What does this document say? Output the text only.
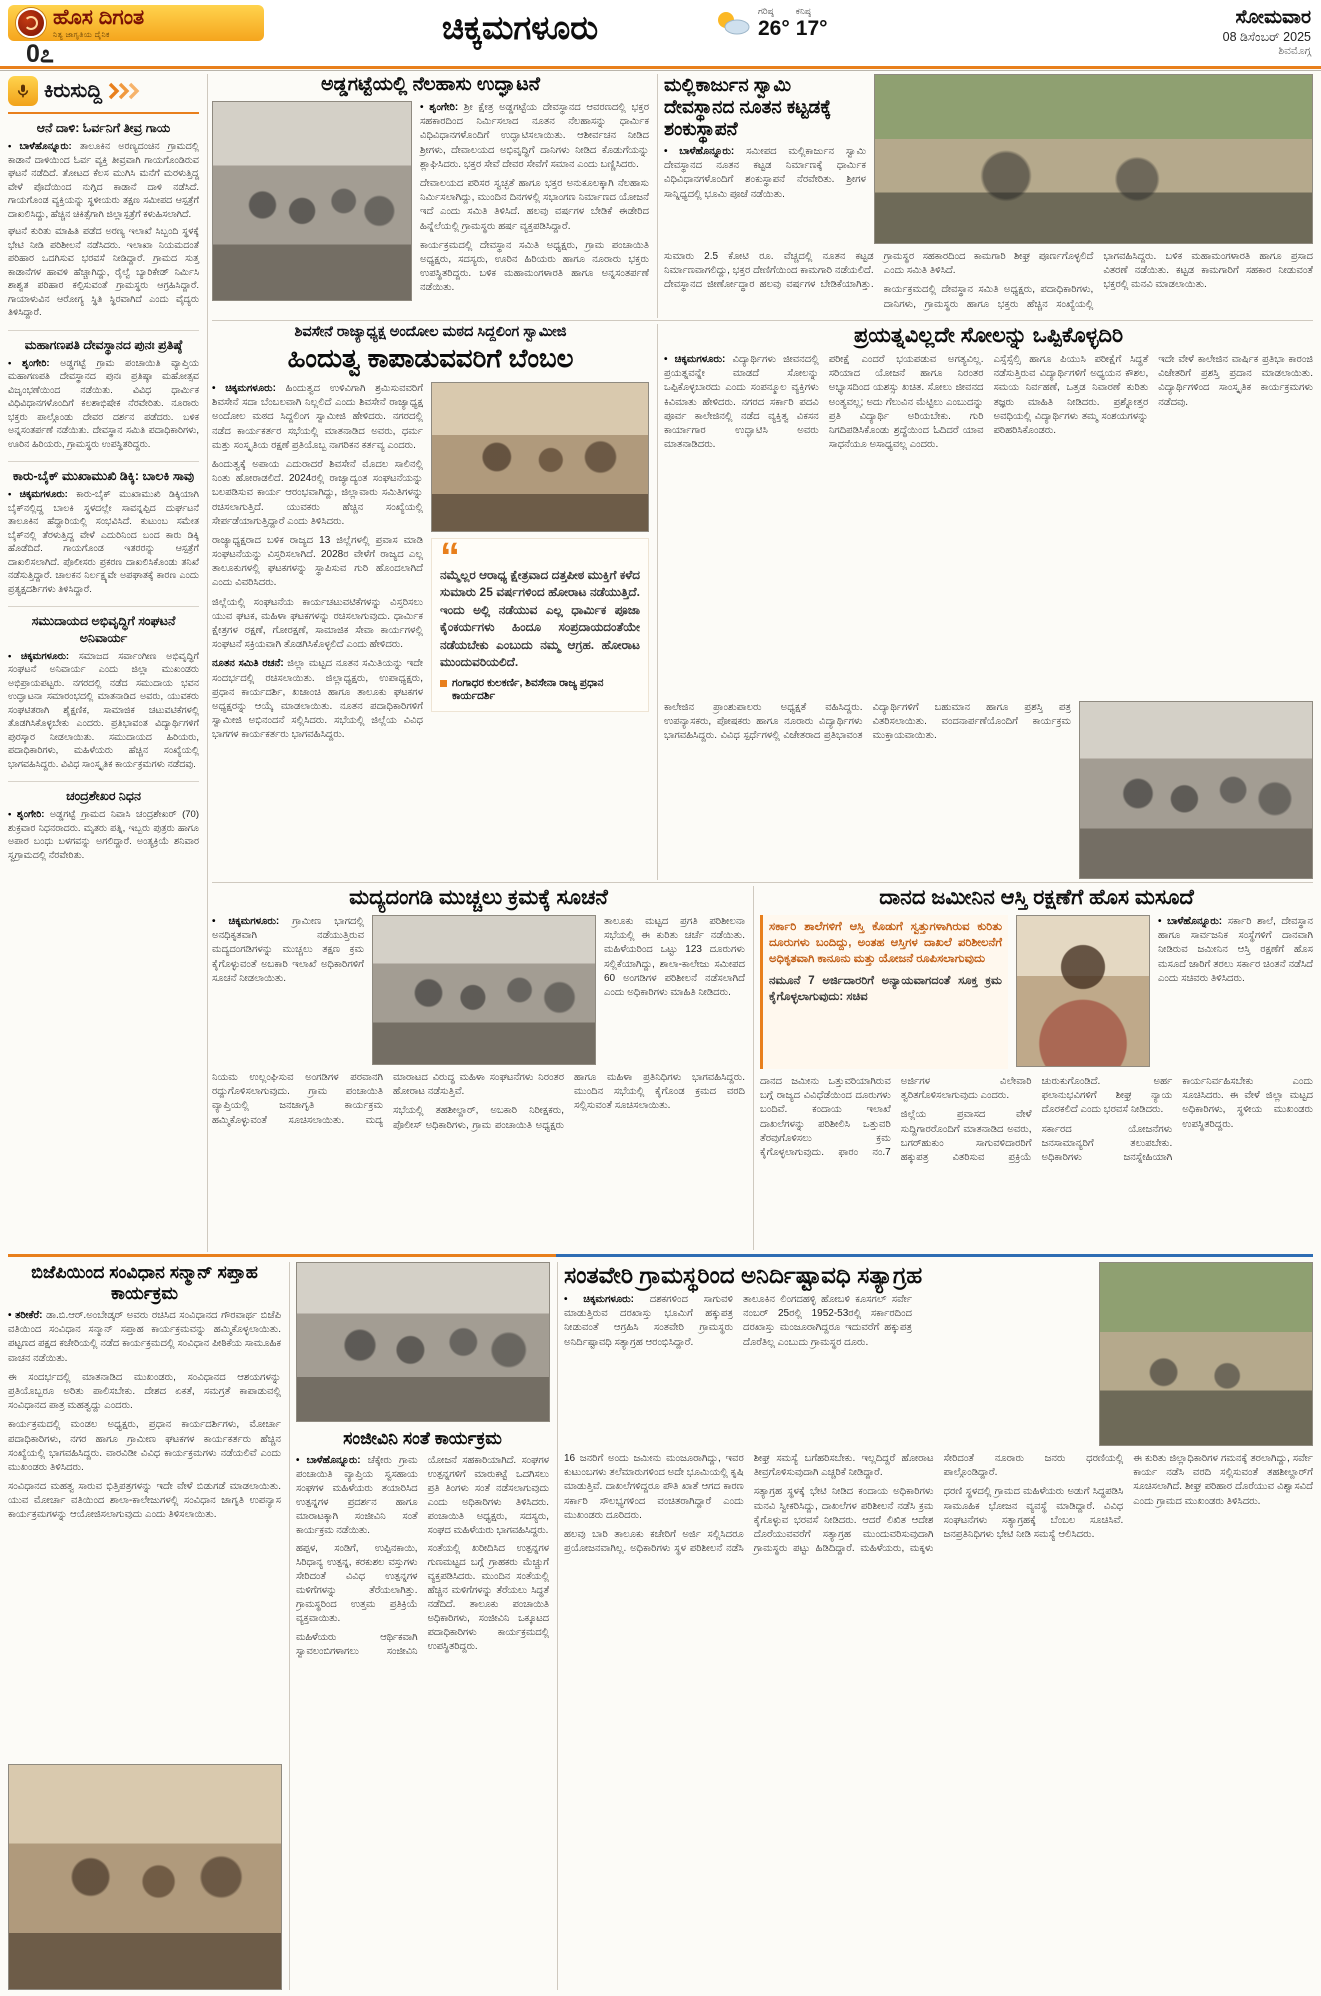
ಹೊಸ ದಿಗಂತ
ನಿತ್ಯ ಜಾಗೃತಿಯ ದೈನಿಕ
0೭
ಚಿಕ್ಕಮಗಳೂರು	ಗರಿಷ್ಠ
26°
ಕನಿಷ್ಠ
17°	ಸೋಮವಾರ
08 ಡಿಸೆಂಬರ್ 2025
ಶಿವಮೊಗ್ಗ
ಕಿರುಸುದ್ದಿ
ಆನೆ ದಾಳಿ: ಓರ್ವನಿಗೆ ತೀವ್ರ ಗಾಯ

• ಬಾಳೆಹೊನ್ನೂರು: ತಾಲೂಕಿನ ಅರಣ್ಯದಂಚಿನ ಗ್ರಾಮದಲ್ಲಿ ಕಾಡಾನೆ ದಾಳಿಯಿಂದ ಓರ್ವ ವ್ಯಕ್ತಿ ತೀವ್ರವಾಗಿ ಗಾಯಗೊಂಡಿರುವ ಘಟನೆ ನಡೆದಿದೆ. ತೋಟದ ಕೆಲಸ ಮುಗಿಸಿ ಮನೆಗೆ ಮರಳುತ್ತಿದ್ದ ವೇಳೆ ಪೊದೆಯಿಂದ ನುಗ್ಗಿದ ಕಾಡಾನೆ ದಾಳಿ ನಡೆಸಿದೆ. ಗಾಯಗೊಂಡ ವ್ಯಕ್ತಿಯನ್ನು ಸ್ಥಳೀಯರು ತಕ್ಷಣ ಸಮೀಪದ ಆಸ್ಪತ್ರೆಗೆ ದಾಖಲಿಸಿದ್ದು, ಹೆಚ್ಚಿನ ಚಿಕಿತ್ಸೆಗಾಗಿ ಜಿಲ್ಲಾಸ್ಪತ್ರೆಗೆ ಕಳುಹಿಸಲಾಗಿದೆ.

ಘಟನೆ ಕುರಿತು ಮಾಹಿತಿ ಪಡೆದ ಅರಣ್ಯ ಇಲಾಖೆ ಸಿಬ್ಬಂದಿ ಸ್ಥಳಕ್ಕೆ ಭೇಟಿ ನೀಡಿ ಪರಿಶೀಲನೆ ನಡೆಸಿದರು. ಇಲಾಖಾ ನಿಯಮದಂತೆ ಪರಿಹಾರ ಒದಗಿಸುವ ಭರವಸೆ ನೀಡಿದ್ದಾರೆ. ಗ್ರಾಮದ ಸುತ್ತ ಕಾಡಾನೆಗಳ ಹಾವಳಿ ಹೆಚ್ಚಾಗಿದ್ದು, ರೈಲ್ವೆ ಬ್ಯಾರಿಕೇಡ್ ನಿರ್ಮಿಸಿ ಶಾಶ್ವತ ಪರಿಹಾರ ಕಲ್ಪಿಸುವಂತೆ ಗ್ರಾಮಸ್ಥರು ಆಗ್ರಹಿಸಿದ್ದಾರೆ. ಗಾಯಾಳುವಿನ ಆರೋಗ್ಯ ಸ್ಥಿತಿ ಸ್ಥಿರವಾಗಿದೆ ಎಂದು ವೈದ್ಯರು ತಿಳಿಸಿದ್ದಾರೆ.

ಮಹಾಗಣಪತಿ ದೇವಸ್ಥಾನದ ಪುನಃ ಪ್ರತಿಷ್ಠೆ

• ಶೃಂಗೇರಿ: ಅಡ್ಡಗಟ್ಟೆ ಗ್ರಾಮ ಪಂಚಾಯಿತಿ ವ್ಯಾಪ್ತಿಯ ಮಹಾಗಣಪತಿ ದೇವಸ್ಥಾನದ ಪುನಃ ಪ್ರತಿಷ್ಠಾ ಮಹೋತ್ಸವ ವಿಜೃಂಭಣೆಯಿಂದ ನಡೆಯಿತು. ವಿವಿಧ ಧಾರ್ಮಿಕ ವಿಧಿವಿಧಾನಗಳೊಂದಿಗೆ ಕಲಶಾಭಿಷೇಕ ನೆರವೇರಿತು. ನೂರಾರು ಭಕ್ತರು ಪಾಲ್ಗೊಂಡು ದೇವರ ದರ್ಶನ ಪಡೆದರು. ಬಳಿಕ ಅನ್ನಸಂತರ್ಪಣೆ ನಡೆಯಿತು. ದೇವಸ್ಥಾನ ಸಮಿತಿ ಪದಾಧಿಕಾರಿಗಳು, ಊರಿನ ಹಿರಿಯರು, ಗ್ರಾಮಸ್ಥರು ಉಪಸ್ಥಿತರಿದ್ದರು.

ಕಾರು-ಬೈಕ್ ಮುಖಾಮುಖಿ ಡಿಕ್ಕಿ: ಬಾಲಕಿ ಸಾವು

• ಚಿಕ್ಕಮಗಳೂರು: ಕಾರು-ಬೈಕ್ ಮುಖಾಮುಖಿ ಡಿಕ್ಕಿಯಾಗಿ ಬೈಕ್‌ನಲ್ಲಿದ್ದ ಬಾಲಕಿ ಸ್ಥಳದಲ್ಲೇ ಸಾವನ್ನಪ್ಪಿದ ದುರ್ಘಟನೆ ತಾಲೂಕಿನ ಹೆದ್ದಾರಿಯಲ್ಲಿ ಸಂಭವಿಸಿದೆ. ಕುಟುಂಬ ಸಮೇತ ಬೈಕ್‌ನಲ್ಲಿ ತೆರಳುತ್ತಿದ್ದ ವೇಳೆ ಎದುರಿನಿಂದ ಬಂದ ಕಾರು ಡಿಕ್ಕಿ ಹೊಡೆದಿದೆ. ಗಾಯಗೊಂಡ ಇತರರನ್ನು ಆಸ್ಪತ್ರೆಗೆ ದಾಖಲಿಸಲಾಗಿದೆ. ಪೊಲೀಸರು ಪ್ರಕರಣ ದಾಖಲಿಸಿಕೊಂಡು ತನಿಖೆ ನಡೆಸುತ್ತಿದ್ದಾರೆ. ಚಾಲಕನ ನಿರ್ಲಕ್ಷ್ಯವೇ ಅಪಘಾತಕ್ಕೆ ಕಾರಣ ಎಂದು ಪ್ರತ್ಯಕ್ಷದರ್ಶಿಗಳು ತಿಳಿಸಿದ್ದಾರೆ.

ಸಮುದಾಯದ ಅಭಿವೃದ್ಧಿಗೆ ಸಂಘಟನೆ ಅನಿವಾರ್ಯ

• ಚಿಕ್ಕಮಗಳೂರು: ಸಮಾಜದ ಸರ್ವಾಂಗೀಣ ಅಭಿವೃದ್ಧಿಗೆ ಸಂಘಟನೆ ಅನಿವಾರ್ಯ ಎಂದು ಜಿಲ್ಲಾ ಮುಖಂಡರು ಅಭಿಪ್ರಾಯಪಟ್ಟರು. ನಗರದಲ್ಲಿ ನಡೆದ ಸಮುದಾಯ ಭವನ ಉದ್ಘಾಟನಾ ಸಮಾರಂಭದಲ್ಲಿ ಮಾತನಾಡಿದ ಅವರು, ಯುವಕರು ಸಂಘಟಿತರಾಗಿ ಶೈಕ್ಷಣಿಕ, ಸಾಮಾಜಿಕ ಚಟುವಟಿಕೆಗಳಲ್ಲಿ ತೊಡಗಿಸಿಕೊಳ್ಳಬೇಕು ಎಂದರು. ಪ್ರತಿಭಾವಂತ ವಿದ್ಯಾರ್ಥಿಗಳಿಗೆ ಪುರಸ್ಕಾರ ನೀಡಲಾಯಿತು. ಸಮುದಾಯದ ಹಿರಿಯರು, ಪದಾಧಿಕಾರಿಗಳು, ಮಹಿಳೆಯರು ಹೆಚ್ಚಿನ ಸಂಖ್ಯೆಯಲ್ಲಿ ಭಾಗವಹಿಸಿದ್ದರು. ವಿವಿಧ ಸಾಂಸ್ಕೃತಿಕ ಕಾರ್ಯಕ್ರಮಗಳು ನಡೆದವು.

ಚಂದ್ರಶೇಖರ ನಿಧನ

• ಶೃಂಗೇರಿ: ಅಡ್ಡಗಟ್ಟೆ ಗ್ರಾಮದ ನಿವಾಸಿ ಚಂದ್ರಶೇಖರ್ (70) ಶುಕ್ರವಾರ ನಿಧನರಾದರು. ಮೃತರು ಪತ್ನಿ, ಇಬ್ಬರು ಪುತ್ರರು ಹಾಗೂ ಅಪಾರ ಬಂಧು ಬಳಗವನ್ನು ಅಗಲಿದ್ದಾರೆ. ಅಂತ್ಯಕ್ರಿಯೆ ಶನಿವಾರ ಸ್ವಗ್ರಾಮದಲ್ಲಿ ನೆರವೇರಿತು.

ಅಡ್ಡಗಟ್ಟೆಯಲ್ಲಿ ನೆಲಹಾಸು ಉದ್ಘಾಟನೆ

• ಶೃಂಗೇರಿ: ಶ್ರೀ ಕ್ಷೇತ್ರ ಅಡ್ಡಗಟ್ಟೆಯ ದೇವಸ್ಥಾನದ ಆವರಣದಲ್ಲಿ ಭಕ್ತರ ಸಹಕಾರದಿಂದ ನಿರ್ಮಿಸಲಾದ ನೂತನ ನೆಲಹಾಸನ್ನು ಧಾರ್ಮಿಕ ವಿಧಿವಿಧಾನಗಳೊಂದಿಗೆ ಉದ್ಘಾಟಿಸಲಾಯಿತು. ಆಶೀರ್ವಚನ ನೀಡಿದ ಶ್ರೀಗಳು, ದೇವಾಲಯದ ಅಭಿವೃದ್ಧಿಗೆ ದಾನಿಗಳು ನೀಡಿದ ಕೊಡುಗೆಯನ್ನು ಶ್ಲಾಘಿಸಿದರು. ಭಕ್ತರ ಸೇವೆ ದೇವರ ಸೇವೆಗೆ ಸಮಾನ ಎಂದು ಬಣ್ಣಿಸಿದರು.

ದೇವಾಲಯದ ಪರಿಸರ ಸ್ವಚ್ಛತೆ ಹಾಗೂ ಭಕ್ತರ ಅನುಕೂಲಕ್ಕಾಗಿ ನೆಲಹಾಸು ನಿರ್ಮಿಸಲಾಗಿದ್ದು, ಮುಂದಿನ ದಿನಗಳಲ್ಲಿ ಸಭಾಂಗಣ ನಿರ್ಮಾಣದ ಯೋಜನೆ ಇದೆ ಎಂದು ಸಮಿತಿ ತಿಳಿಸಿದೆ. ಹಲವು ವರ್ಷಗಳ ಬೇಡಿಕೆ ಈಡೇರಿದ ಹಿನ್ನೆಲೆಯಲ್ಲಿ ಗ್ರಾಮಸ್ಥರು ಹರ್ಷ ವ್ಯಕ್ತಪಡಿಸಿದ್ದಾರೆ.

ಕಾರ್ಯಕ್ರಮದಲ್ಲಿ ದೇವಸ್ಥಾನ ಸಮಿತಿ ಅಧ್ಯಕ್ಷರು, ಗ್ರಾಮ ಪಂಚಾಯಿತಿ ಅಧ್ಯಕ್ಷರು, ಸದಸ್ಯರು, ಊರಿನ ಹಿರಿಯರು ಹಾಗೂ ನೂರಾರು ಭಕ್ತರು ಉಪಸ್ಥಿತರಿದ್ದರು. ಬಳಿಕ ಮಹಾಮಂಗಳಾರತಿ ಹಾಗೂ ಅನ್ನಸಂತರ್ಪಣೆ ನಡೆಯಿತು.

ಮಲ್ಲಿಕಾರ್ಜುನ ಸ್ವಾಮಿ ದೇವಸ್ಥಾನದ ನೂತನ ಕಟ್ಟಡಕ್ಕೆ ಶಂಕುಸ್ಥಾಪನೆ

• ಬಾಳೆಹೊನ್ನೂರು: ಸಮೀಪದ ಮಲ್ಲಿಕಾರ್ಜುನ ಸ್ವಾಮಿ ದೇವಸ್ಥಾನದ ನೂತನ ಕಟ್ಟಡ ನಿರ್ಮಾಣಕ್ಕೆ ಧಾರ್ಮಿಕ ವಿಧಿವಿಧಾನಗಳೊಂದಿಗೆ ಶಂಕುಸ್ಥಾಪನೆ ನೆರವೇರಿತು. ಶ್ರೀಗಳ ಸಾನ್ನಿಧ್ಯದಲ್ಲಿ ಭೂಮಿ ಪೂಜೆ ನಡೆಯಿತು.

ಸುಮಾರು 2.5 ಕೋಟಿ ರೂ. ವೆಚ್ಚದಲ್ಲಿ ನೂತನ ಕಟ್ಟಡ ನಿರ್ಮಾಣವಾಗಲಿದ್ದು, ಭಕ್ತರ ದೇಣಿಗೆಯಿಂದ ಕಾಮಗಾರಿ ನಡೆಯಲಿದೆ. ದೇವಸ್ಥಾನದ ಜೀರ್ಣೋದ್ಧಾರ ಹಲವು ವರ್ಷಗಳ ಬೇಡಿಕೆಯಾಗಿತ್ತು. ಗ್ರಾಮಸ್ಥರ ಸಹಕಾರದಿಂದ ಕಾಮಗಾರಿ ಶೀಘ್ರ ಪೂರ್ಣಗೊಳ್ಳಲಿದೆ ಎಂದು ಸಮಿತಿ ತಿಳಿಸಿದೆ.

ಕಾರ್ಯಕ್ರಮದಲ್ಲಿ ದೇವಸ್ಥಾನ ಸಮಿತಿ ಅಧ್ಯಕ್ಷರು, ಪದಾಧಿಕಾರಿಗಳು, ದಾನಿಗಳು, ಗ್ರಾಮಸ್ಥರು ಹಾಗೂ ಭಕ್ತರು ಹೆಚ್ಚಿನ ಸಂಖ್ಯೆಯಲ್ಲಿ ಭಾಗವಹಿಸಿದ್ದರು. ಬಳಿಕ ಮಹಾಮಂಗಳಾರತಿ ಹಾಗೂ ಪ್ರಸಾದ ವಿತರಣೆ ನಡೆಯಿತು. ಕಟ್ಟಡ ಕಾಮಗಾರಿಗೆ ಸಹಕಾರ ನೀಡುವಂತೆ ಭಕ್ತರಲ್ಲಿ ಮನವಿ ಮಾಡಲಾಯಿತು.

ಶಿವಸೇನೆ ರಾಜ್ಯಾಧ್ಯಕ್ಷ ಅಂದೋಲ ಮಠದ ಸಿದ್ದಲಿಂಗ ಸ್ವಾಮೀಜಿ

ಹಿಂದುತ್ವ ಕಾಪಾಡುವವರಿಗೆ ಬೆಂಬಲ
“

ನಮ್ಮೆಲ್ಲರ ಆರಾಧ್ಯ ಕ್ಷೇತ್ರವಾದ ದತ್ತಪೀಠ ಮುಕ್ತಿಗೆ ಕಳೆದ ಸುಮಾರು 25 ವರ್ಷಗಳಿಂದ ಹೋರಾಟ ನಡೆಯುತ್ತಿದೆ. ಇಂದು ಅಲ್ಲಿ ನಡೆಯುವ ಎಲ್ಲ ಧಾರ್ಮಿಕ ಪೂಜಾ ಕೈಂಕರ್ಯಗಳು ಹಿಂದೂ ಸಂಪ್ರದಾಯದಂತೆಯೇ ನಡೆಯಬೇಕು ಎಂಬುದು ನಮ್ಮ ಆಗ್ರಹ. ಹೋರಾಟ ಮುಂದುವರಿಯಲಿದೆ.

ಗಂಗಾಧರ ಕುಲಕರ್ಣಿ, ಶಿವಸೇನಾ ರಾಜ್ಯ ಪ್ರಧಾನ ಕಾರ್ಯದರ್ಶಿ

• ಚಿಕ್ಕಮಗಳೂರು: ಹಿಂದುತ್ವದ ಉಳಿವಿಗಾಗಿ ಶ್ರಮಿಸುವವರಿಗೆ ಶಿವಸೇನೆ ಸದಾ ಬೆಂಬಲವಾಗಿ ನಿಲ್ಲಲಿದೆ ಎಂದು ಶಿವಸೇನೆ ರಾಜ್ಯಾಧ್ಯಕ್ಷ ಅಂದೋಲ ಮಠದ ಸಿದ್ದಲಿಂಗ ಸ್ವಾಮೀಜಿ ಹೇಳಿದರು. ನಗರದಲ್ಲಿ ನಡೆದ ಕಾರ್ಯಕರ್ತರ ಸಭೆಯಲ್ಲಿ ಮಾತನಾಡಿದ ಅವರು, ಧರ್ಮ ಮತ್ತು ಸಂಸ್ಕೃತಿಯ ರಕ್ಷಣೆ ಪ್ರತಿಯೊಬ್ಬ ನಾಗರಿಕನ ಕರ್ತವ್ಯ ಎಂದರು.

ಹಿಂದುತ್ವಕ್ಕೆ ಅಪಾಯ ಎದುರಾದರೆ ಶಿವಸೇನೆ ಮೊದಲ ಸಾಲಿನಲ್ಲಿ ನಿಂತು ಹೋರಾಡಲಿದೆ. 2024ರಲ್ಲಿ ರಾಜ್ಯಾದ್ಯಂತ ಸಂಘಟನೆಯನ್ನು ಬಲಪಡಿಸುವ ಕಾರ್ಯ ಆರಂಭವಾಗಿದ್ದು, ಜಿಲ್ಲಾವಾರು ಸಮಿತಿಗಳನ್ನು ರಚಿಸಲಾಗುತ್ತಿದೆ. ಯುವಕರು ಹೆಚ್ಚಿನ ಸಂಖ್ಯೆಯಲ್ಲಿ ಸೇರ್ಪಡೆಯಾಗುತ್ತಿದ್ದಾರೆ ಎಂದು ತಿಳಿಸಿದರು.

ರಾಜ್ಯಾಧ್ಯಕ್ಷರಾದ ಬಳಿಕ ರಾಜ್ಯದ 13 ಜಿಲ್ಲೆಗಳಲ್ಲಿ ಪ್ರವಾಸ ಮಾಡಿ ಸಂಘಟನೆಯನ್ನು ವಿಸ್ತರಿಸಲಾಗಿದೆ. 2028ರ ವೇಳೆಗೆ ರಾಜ್ಯದ ಎಲ್ಲ ತಾಲೂಕುಗಳಲ್ಲಿ ಘಟಕಗಳನ್ನು ಸ್ಥಾಪಿಸುವ ಗುರಿ ಹೊಂದಲಾಗಿದೆ ಎಂದು ವಿವರಿಸಿದರು.

ಜಿಲ್ಲೆಯಲ್ಲಿ ಸಂಘಟನೆಯ ಕಾರ್ಯಚಟುವಟಿಕೆಗಳನ್ನು ವಿಸ್ತರಿಸಲು ಯುವ ಘಟಕ, ಮಹಿಳಾ ಘಟಕಗಳನ್ನು ರಚಿಸಲಾಗುವುದು. ಧಾರ್ಮಿಕ ಕ್ಷೇತ್ರಗಳ ರಕ್ಷಣೆ, ಗೋರಕ್ಷಣೆ, ಸಾಮಾಜಿಕ ಸೇವಾ ಕಾರ್ಯಗಳಲ್ಲಿ ಸಂಘಟನೆ ಸಕ್ರಿಯವಾಗಿ ತೊಡಗಿಸಿಕೊಳ್ಳಲಿದೆ ಎಂದು ಹೇಳಿದರು.

ನೂತನ ಸಮಿತಿ ರಚನೆ: ಜಿಲ್ಲಾ ಮಟ್ಟದ ನೂತನ ಸಮಿತಿಯನ್ನು ಇದೇ ಸಂದರ್ಭದಲ್ಲಿ ರಚಿಸಲಾಯಿತು. ಜಿಲ್ಲಾಧ್ಯಕ್ಷರು, ಉಪಾಧ್ಯಕ್ಷರು, ಪ್ರಧಾನ ಕಾರ್ಯದರ್ಶಿ, ಖಜಾಂಚಿ ಹಾಗೂ ತಾಲೂಕು ಘಟಕಗಳ ಅಧ್ಯಕ್ಷರನ್ನು ಆಯ್ಕೆ ಮಾಡಲಾಯಿತು. ನೂತನ ಪದಾಧಿಕಾರಿಗಳಿಗೆ ಸ್ವಾಮೀಜಿ ಅಭಿನಂದನೆ ಸಲ್ಲಿಸಿದರು. ಸಭೆಯಲ್ಲಿ ಜಿಲ್ಲೆಯ ವಿವಿಧ ಭಾಗಗಳ ಕಾರ್ಯಕರ್ತರು ಭಾಗವಹಿಸಿದ್ದರು.

ಪ್ರಯತ್ನವಿಲ್ಲದೇ ಸೋಲನ್ನು ಒಪ್ಪಿಕೊಳ್ಳದಿರಿ

• ಚಿಕ್ಕಮಗಳೂರು: ವಿದ್ಯಾರ್ಥಿಗಳು ಜೀವನದಲ್ಲಿ ಪ್ರಯತ್ನವನ್ನೇ ಮಾಡದೆ ಸೋಲನ್ನು ಒಪ್ಪಿಕೊಳ್ಳಬಾರದು ಎಂದು ಸಂಪನ್ಮೂಲ ವ್ಯಕ್ತಿಗಳು ಕಿವಿಮಾತು ಹೇಳಿದರು. ನಗರದ ಸರ್ಕಾರಿ ಪದವಿ ಪೂರ್ವ ಕಾಲೇಜಿನಲ್ಲಿ ನಡೆದ ವ್ಯಕ್ತಿತ್ವ ವಿಕಸನ ಕಾರ್ಯಾಗಾರ ಉದ್ಘಾಟಿಸಿ ಅವರು ಮಾತನಾಡಿದರು.

ಪರೀಕ್ಷೆ ಎಂದರೆ ಭಯಪಡುವ ಅಗತ್ಯವಿಲ್ಲ. ಸರಿಯಾದ ಯೋಜನೆ ಹಾಗೂ ನಿರಂತರ ಅಭ್ಯಾಸದಿಂದ ಯಶಸ್ಸು ಖಚಿತ. ಸೋಲು ಜೀವನದ ಅಂತ್ಯವಲ್ಲ; ಅದು ಗೆಲುವಿನ ಮೆಟ್ಟಿಲು ಎಂಬುದನ್ನು ಪ್ರತಿ ವಿದ್ಯಾರ್ಥಿ ಅರಿಯಬೇಕು. ಗುರಿ ನಿಗದಿಪಡಿಸಿಕೊಂಡು ಶ್ರದ್ಧೆಯಿಂದ ಓದಿದರೆ ಯಾವ ಸಾಧನೆಯೂ ಅಸಾಧ್ಯವಲ್ಲ ಎಂದರು.

ಎಸ್ಸೆಸ್ಸೆಲ್ಸಿ ಹಾಗೂ ಪಿಯುಸಿ ಪರೀಕ್ಷೆಗೆ ಸಿದ್ಧತೆ ನಡೆಸುತ್ತಿರುವ ವಿದ್ಯಾರ್ಥಿಗಳಿಗೆ ಅಧ್ಯಯನ ಕೌಶಲ, ಸಮಯ ನಿರ್ವಹಣೆ, ಒತ್ತಡ ನಿವಾರಣೆ ಕುರಿತು ತಜ್ಞರು ಮಾಹಿತಿ ನೀಡಿದರು. ಪ್ರಶ್ನೋತ್ತರ ಅವಧಿಯಲ್ಲಿ ವಿದ್ಯಾರ್ಥಿಗಳು ತಮ್ಮ ಸಂಶಯಗಳನ್ನು ಪರಿಹರಿಸಿಕೊಂಡರು.

ಇದೇ ವೇಳೆ ಕಾಲೇಜಿನ ವಾರ್ಷಿಕ ಪ್ರತಿಭಾ ಕಾರಂಜಿ ವಿಜೇತರಿಗೆ ಪ್ರಶಸ್ತಿ ಪ್ರದಾನ ಮಾಡಲಾಯಿತು. ವಿದ್ಯಾರ್ಥಿಗಳಿಂದ ಸಾಂಸ್ಕೃತಿಕ ಕಾರ್ಯಕ್ರಮಗಳು ನಡೆದವು.

ಕಾಲೇಜಿನ ಪ್ರಾಂಶುಪಾಲರು ಅಧ್ಯಕ್ಷತೆ ವಹಿಸಿದ್ದರು. ಉಪನ್ಯಾಸಕರು, ಪೋಷಕರು ಹಾಗೂ ನೂರಾರು ವಿದ್ಯಾರ್ಥಿಗಳು ಭಾಗವಹಿಸಿದ್ದರು. ವಿವಿಧ ಸ್ಪರ್ಧೆಗಳಲ್ಲಿ ವಿಜೇತರಾದ ಪ್ರತಿಭಾವಂತ ವಿದ್ಯಾರ್ಥಿಗಳಿಗೆ ಬಹುಮಾನ ಹಾಗೂ ಪ್ರಶಸ್ತಿ ಪತ್ರ ವಿತರಿಸಲಾಯಿತು. ವಂದನಾರ್ಪಣೆಯೊಂದಿಗೆ ಕಾರ್ಯಕ್ರಮ ಮುಕ್ತಾಯವಾಯಿತು.

ಮದ್ಯದಂಗಡಿ ಮುಚ್ಚಲು ಕ್ರಮಕ್ಕೆ ಸೂಚನೆ

• ಚಿಕ್ಕಮಗಳೂರು: ಗ್ರಾಮೀಣ ಭಾಗದಲ್ಲಿ ಅನಧಿಕೃತವಾಗಿ ನಡೆಯುತ್ತಿರುವ ಮದ್ಯದಂಗಡಿಗಳನ್ನು ಮುಚ್ಚಲು ತಕ್ಷಣ ಕ್ರಮ ಕೈಗೊಳ್ಳುವಂತೆ ಅಬಕಾರಿ ಇಲಾಖೆ ಅಧಿಕಾರಿಗಳಿಗೆ ಸೂಚನೆ ನೀಡಲಾಯಿತು.

ತಾಲೂಕು ಮಟ್ಟದ ಪ್ರಗತಿ ಪರಿಶೀಲನಾ ಸಭೆಯಲ್ಲಿ ಈ ಕುರಿತು ಚರ್ಚೆ ನಡೆಯಿತು. ಮಹಿಳೆಯರಿಂದ ಒಟ್ಟು 123 ದೂರುಗಳು ಸಲ್ಲಿಕೆಯಾಗಿದ್ದು, ಶಾಲಾ-ಕಾಲೇಜು ಸಮೀಪದ 60 ಅಂಗಡಿಗಳ ಪರಿಶೀಲನೆ ನಡೆಸಲಾಗಿದೆ ಎಂದು ಅಧಿಕಾರಿಗಳು ಮಾಹಿತಿ ನೀಡಿದರು.

ನಿಯಮ ಉಲ್ಲಂಘಿಸುವ ಅಂಗಡಿಗಳ ಪರವಾನಗಿ ರದ್ದುಗೊಳಿಸಲಾಗುವುದು. ಗ್ರಾಮ ಪಂಚಾಯಿತಿ ವ್ಯಾಪ್ತಿಯಲ್ಲಿ ಜನಜಾಗೃತಿ ಕಾರ್ಯಕ್ರಮ ಹಮ್ಮಿಕೊಳ್ಳುವಂತೆ ಸೂಚಿಸಲಾಯಿತು. ಮದ್ಯ ಮಾರಾಟದ ವಿರುದ್ಧ ಮಹಿಳಾ ಸಂಘಟನೆಗಳು ನಿರಂತರ ಹೋರಾಟ ನಡೆಸುತ್ತಿವೆ.

ಸಭೆಯಲ್ಲಿ ತಹಶೀಲ್ದಾರ್, ಅಬಕಾರಿ ನಿರೀಕ್ಷಕರು, ಪೊಲೀಸ್ ಅಧಿಕಾರಿಗಳು, ಗ್ರಾಮ ಪಂಚಾಯಿತಿ ಅಧ್ಯಕ್ಷರು ಹಾಗೂ ಮಹಿಳಾ ಪ್ರತಿನಿಧಿಗಳು ಭಾಗವಹಿಸಿದ್ದರು. ಮುಂದಿನ ಸಭೆಯಲ್ಲಿ ಕೈಗೊಂಡ ಕ್ರಮದ ವರದಿ ಸಲ್ಲಿಸುವಂತೆ ಸೂಚಿಸಲಾಯಿತು.

ದಾನದ ಜಮೀನಿನ ಆಸ್ತಿ ರಕ್ಷಣೆಗೆ ಹೊಸ ಮಸೂದೆ

ಸರ್ಕಾರಿ ಶಾಲೆಗಳಿಗೆ ಆಸ್ತಿ ಕೊಡುಗೆ ಸ್ವತ್ತುಗಳಾಗಿರುವ ಕುರಿತು ದೂರುಗಳು ಬಂದಿದ್ದು, ಅಂತಹ ಆಸ್ತಿಗಳ ದಾಖಲೆ ಪರಿಶೀಲನೆಗೆ ಅಧಿಕೃತವಾಗಿ ಕಾನೂನು ಮತ್ತು ಯೋಜನೆ ರೂಪಿಸಲಾಗುವುದು

ನಮೂನೆ 7 ಅರ್ಜಿದಾರರಿಗೆ ಅನ್ಯಾಯವಾಗದಂತೆ ಸೂಕ್ತ ಕ್ರಮ ಕೈಗೊಳ್ಳಲಾಗುವುದು: ಸಚಿವ

• ಬಾಳೆಹೊನ್ನೂರು: ಸರ್ಕಾರಿ ಶಾಲೆ, ದೇವಸ್ಥಾನ ಹಾಗೂ ಸಾರ್ವಜನಿಕ ಸಂಸ್ಥೆಗಳಿಗೆ ದಾನವಾಗಿ ನೀಡಿರುವ ಜಮೀನಿನ ಆಸ್ತಿ ರಕ್ಷಣೆಗೆ ಹೊಸ ಮಸೂದೆ ಜಾರಿಗೆ ತರಲು ಸರ್ಕಾರ ಚಿಂತನೆ ನಡೆಸಿದೆ ಎಂದು ಸಚಿವರು ತಿಳಿಸಿದರು.

ದಾನದ ಜಮೀನು ಒತ್ತುವರಿಯಾಗಿರುವ ಬಗ್ಗೆ ರಾಜ್ಯದ ವಿವಿಧೆಡೆಯಿಂದ ದೂರುಗಳು ಬಂದಿವೆ. ಕಂದಾಯ ಇಲಾಖೆ ದಾಖಲೆಗಳನ್ನು ಪರಿಶೀಲಿಸಿ ಒತ್ತುವರಿ ತೆರವುಗೊಳಿಸಲು ಕ್ರಮ ಕೈಗೊಳ್ಳಲಾಗುವುದು. ಫಾರಂ ನಂ.7 ಅರ್ಜಿಗಳ ವಿಲೇವಾರಿ ತ್ವರಿತಗೊಳಿಸಲಾಗುವುದು ಎಂದರು.

ಜಿಲ್ಲೆಯ ಪ್ರವಾಸದ ವೇಳೆ ಸುದ್ದಿಗಾರರೊಂದಿಗೆ ಮಾತನಾಡಿದ ಅವರು, ಬಗರ್‌ಹುಕುಂ ಸಾಗುವಳಿದಾರರಿಗೆ ಹಕ್ಕುಪತ್ರ ವಿತರಿಸುವ ಪ್ರಕ್ರಿಯೆ ಚುರುಕುಗೊಂಡಿದೆ. ಅರ್ಹ ಫಲಾನುಭವಿಗಳಿಗೆ ಶೀಘ್ರ ನ್ಯಾಯ ದೊರಕಲಿದೆ ಎಂದು ಭರವಸೆ ನೀಡಿದರು.

ಸರ್ಕಾರದ ಯೋಜನೆಗಳು ಜನಸಾಮಾನ್ಯರಿಗೆ ತಲುಪಬೇಕು. ಅಧಿಕಾರಿಗಳು ಜನಸ್ನೇಹಿಯಾಗಿ ಕಾರ್ಯನಿರ್ವಹಿಸಬೇಕು ಎಂದು ಸೂಚಿಸಿದರು. ಈ ವೇಳೆ ಜಿಲ್ಲಾ ಮಟ್ಟದ ಅಧಿಕಾರಿಗಳು, ಸ್ಥಳೀಯ ಮುಖಂಡರು ಉಪಸ್ಥಿತರಿದ್ದರು.

ಬಿಜೆಪಿಯಿಂದ ಸಂವಿಧಾನ ಸನ್ಮಾನ್ ಸಪ್ತಾಹ ಕಾರ್ಯಕ್ರಮ

• ತರೀಕೆರೆ: ಡಾ.ಬಿ.ಆರ್.ಅಂಬೇಡ್ಕರ್ ಅವರು ರಚಿಸಿದ ಸಂವಿಧಾನದ ಗೌರವಾರ್ಥ ಬಿಜೆಪಿ ವತಿಯಿಂದ ಸಂವಿಧಾನ ಸನ್ಮಾನ್ ಸಪ್ತಾಹ ಕಾರ್ಯಕ್ರಮವನ್ನು ಹಮ್ಮಿಕೊಳ್ಳಲಾಯಿತು. ಪಟ್ಟಣದ ಪಕ್ಷದ ಕಚೇರಿಯಲ್ಲಿ ನಡೆದ ಕಾರ್ಯಕ್ರಮದಲ್ಲಿ ಸಂವಿಧಾನ ಪೀಠಿಕೆಯ ಸಾಮೂಹಿಕ ವಾಚನ ನಡೆಯಿತು.

ಈ ಸಂದರ್ಭದಲ್ಲಿ ಮಾತನಾಡಿದ ಮುಖಂಡರು, ಸಂವಿಧಾನದ ಆಶಯಗಳನ್ನು ಪ್ರತಿಯೊಬ್ಬರೂ ಅರಿತು ಪಾಲಿಸಬೇಕು. ದೇಶದ ಏಕತೆ, ಸಮಗ್ರತೆ ಕಾಪಾಡುವಲ್ಲಿ ಸಂವಿಧಾನದ ಪಾತ್ರ ಮಹತ್ವದ್ದು ಎಂದರು.

ಕಾರ್ಯಕ್ರಮದಲ್ಲಿ ಮಂಡಲ ಅಧ್ಯಕ್ಷರು, ಪ್ರಧಾನ ಕಾರ್ಯದರ್ಶಿಗಳು, ಮೋರ್ಚಾ ಪದಾಧಿಕಾರಿಗಳು, ನಗರ ಹಾಗೂ ಗ್ರಾಮೀಣ ಘಟಕಗಳ ಕಾರ್ಯಕರ್ತರು ಹೆಚ್ಚಿನ ಸಂಖ್ಯೆಯಲ್ಲಿ ಭಾಗವಹಿಸಿದ್ದರು. ವಾರವಿಡೀ ವಿವಿಧ ಕಾರ್ಯಕ್ರಮಗಳು ನಡೆಯಲಿವೆ ಎಂದು ಮುಖಂಡರು ತಿಳಿಸಿದರು.

ಸಂವಿಧಾನದ ಮಹತ್ವ ಸಾರುವ ಭಿತ್ತಿಪತ್ರಗಳನ್ನು ಇದೇ ವೇಳೆ ಬಿಡುಗಡೆ ಮಾಡಲಾಯಿತು. ಯುವ ಮೋರ್ಚಾ ವತಿಯಿಂದ ಶಾಲಾ-ಕಾಲೇಜುಗಳಲ್ಲಿ ಸಂವಿಧಾನ ಜಾಗೃತಿ ಉಪನ್ಯಾಸ ಕಾರ್ಯಕ್ರಮಗಳನ್ನು ಆಯೋಜಿಸಲಾಗುವುದು ಎಂದು ತಿಳಿಸಲಾಯಿತು.

ಸಂಜೀವಿನಿ ಸಂತೆ ಕಾರ್ಯಕ್ರಮ

• ಬಾಳೆಹೊನ್ನೂರು: ಚೆಕ್ಕೇರು ಗ್ರಾಮ ಪಂಚಾಯಿತಿ ವ್ಯಾಪ್ತಿಯ ಸ್ವಸಹಾಯ ಸಂಘಗಳ ಮಹಿಳೆಯರು ತಯಾರಿಸಿದ ಉತ್ಪನ್ನಗಳ ಪ್ರದರ್ಶನ ಹಾಗೂ ಮಾರಾಟಕ್ಕಾಗಿ ಸಂಜೀವಿನಿ ಸಂತೆ ಕಾರ್ಯಕ್ರಮ ನಡೆಯಿತು.

ಹಪ್ಪಳ, ಸಂಡಿಗೆ, ಉಪ್ಪಿನಕಾಯಿ, ಸಿರಿಧಾನ್ಯ ಉತ್ಪನ್ನ, ಕರಕುಶಲ ವಸ್ತುಗಳು ಸೇರಿದಂತೆ ವಿವಿಧ ಉತ್ಪನ್ನಗಳ ಮಳಿಗೆಗಳನ್ನು ತೆರೆಯಲಾಗಿತ್ತು. ಗ್ರಾಮಸ್ಥರಿಂದ ಉತ್ತಮ ಪ್ರತಿಕ್ರಿಯೆ ವ್ಯಕ್ತವಾಯಿತು.

ಮಹಿಳೆಯರು ಆರ್ಥಿಕವಾಗಿ ಸ್ವಾವಲಂಬಿಗಳಾಗಲು ಸಂಜೀವಿನಿ ಯೋಜನೆ ಸಹಕಾರಿಯಾಗಿದೆ. ಸಂಘಗಳ ಉತ್ಪನ್ನಗಳಿಗೆ ಮಾರುಕಟ್ಟೆ ಒದಗಿಸಲು ಪ್ರತಿ ತಿಂಗಳು ಸಂತೆ ನಡೆಸಲಾಗುವುದು ಎಂದು ಅಧಿಕಾರಿಗಳು ತಿಳಿಸಿದರು. ಪಂಚಾಯಿತಿ ಅಧ್ಯಕ್ಷರು, ಸದಸ್ಯರು, ಸಂಘದ ಮಹಿಳೆಯರು ಭಾಗವಹಿಸಿದ್ದರು.

ಸಂತೆಯಲ್ಲಿ ಖರೀದಿಸಿದ ಉತ್ಪನ್ನಗಳ ಗುಣಮಟ್ಟದ ಬಗ್ಗೆ ಗ್ರಾಹಕರು ಮೆಚ್ಚುಗೆ ವ್ಯಕ್ತಪಡಿಸಿದರು. ಮುಂದಿನ ಸಂತೆಯಲ್ಲಿ ಹೆಚ್ಚಿನ ಮಳಿಗೆಗಳನ್ನು ತೆರೆಯಲು ಸಿದ್ಧತೆ ನಡೆದಿದೆ. ತಾಲೂಕು ಪಂಚಾಯಿತಿ ಅಧಿಕಾರಿಗಳು, ಸಂಜೀವಿನಿ ಒಕ್ಕೂಟದ ಪದಾಧಿಕಾರಿಗಳು ಕಾರ್ಯಕ್ರಮದಲ್ಲಿ ಉಪಸ್ಥಿತರಿದ್ದರು.

ಸಂತವೇರಿ ಗ್ರಾಮಸ್ಥರಿಂದ ಅನಿರ್ದಿಷ್ಟಾವಧಿ ಸತ್ಯಾಗ್ರಹ

• ಚಿಕ್ಕಮಗಳೂರು: ದಶಕಗಳಿಂದ ಸಾಗುವಳಿ ಮಾಡುತ್ತಿರುವ ದರಖಾಸ್ತು ಭೂಮಿಗೆ ಹಕ್ಕುಪತ್ರ ನೀಡುವಂತೆ ಆಗ್ರಹಿಸಿ ಸಂತವೇರಿ ಗ್ರಾಮಸ್ಥರು ಅನಿರ್ದಿಷ್ಟಾವಧಿ ಸತ್ಯಾಗ್ರಹ ಆರಂಭಿಸಿದ್ದಾರೆ.

ತಾಲೂಕಿನ ಲಿಂಗದಹಳ್ಳಿ ಹೋಬಳಿ ಕೂಸಗಲ್ ಸರ್ವೇ ನಂಬರ್ 25ರಲ್ಲಿ 1952-53ರಲ್ಲಿ ಸರ್ಕಾರದಿಂದ ದರಖಾಸ್ತು ಮಂಜೂರಾಗಿದ್ದರೂ ಇದುವರೆಗೆ ಹಕ್ಕುಪತ್ರ ದೊರೆತಿಲ್ಲ ಎಂಬುದು ಗ್ರಾಮಸ್ಥರ ದೂರು.

16 ಜನರಿಗೆ ಅಂದು ಜಮೀನು ಮಂಜೂರಾಗಿದ್ದು, ಇವರ ಕುಟುಂಬಗಳು ತಲೆಮಾರುಗಳಿಂದ ಅದೇ ಭೂಮಿಯಲ್ಲಿ ಕೃಷಿ ಮಾಡುತ್ತಿವೆ. ದಾಖಲೆಗಳಿದ್ದರೂ ಪೌತಿ ಖಾತೆ ಆಗದ ಕಾರಣ ಸರ್ಕಾರಿ ಸೌಲಭ್ಯಗಳಿಂದ ವಂಚಿತರಾಗಿದ್ದಾರೆ ಎಂದು ಮುಖಂಡರು ದೂರಿದರು.

ಹಲವು ಬಾರಿ ತಾಲೂಕು ಕಚೇರಿಗೆ ಅರ್ಜಿ ಸಲ್ಲಿಸಿದರೂ ಪ್ರಯೋಜನವಾಗಿಲ್ಲ. ಅಧಿಕಾರಿಗಳು ಸ್ಥಳ ಪರಿಶೀಲನೆ ನಡೆಸಿ ಶೀಘ್ರ ಸಮಸ್ಯೆ ಬಗೆಹರಿಸಬೇಕು. ಇಲ್ಲದಿದ್ದರೆ ಹೋರಾಟ ತೀವ್ರಗೊಳಿಸುವುದಾಗಿ ಎಚ್ಚರಿಕೆ ನೀಡಿದ್ದಾರೆ.

ಸತ್ಯಾಗ್ರಹ ಸ್ಥಳಕ್ಕೆ ಭೇಟಿ ನೀಡಿದ ಕಂದಾಯ ಅಧಿಕಾರಿಗಳು ಮನವಿ ಸ್ವೀಕರಿಸಿದ್ದು, ದಾಖಲೆಗಳ ಪರಿಶೀಲನೆ ನಡೆಸಿ ಕ್ರಮ ಕೈಗೊಳ್ಳುವ ಭರವಸೆ ನೀಡಿದರು. ಆದರೆ ಲಿಖಿತ ಆದೇಶ ದೊರೆಯುವವರೆಗೆ ಸತ್ಯಾಗ್ರಹ ಮುಂದುವರಿಸುವುದಾಗಿ ಗ್ರಾಮಸ್ಥರು ಪಟ್ಟು ಹಿಡಿದಿದ್ದಾರೆ. ಮಹಿಳೆಯರು, ಮಕ್ಕಳು ಸೇರಿದಂತೆ ನೂರಾರು ಜನರು ಧರಣಿಯಲ್ಲಿ ಪಾಲ್ಗೊಂಡಿದ್ದಾರೆ.

ಧರಣಿ ಸ್ಥಳದಲ್ಲಿ ಗ್ರಾಮದ ಮಹಿಳೆಯರು ಅಡುಗೆ ಸಿದ್ಧಪಡಿಸಿ ಸಾಮೂಹಿಕ ಭೋಜನ ವ್ಯವಸ್ಥೆ ಮಾಡಿದ್ದಾರೆ. ವಿವಿಧ ಸಂಘಟನೆಗಳು ಸತ್ಯಾಗ್ರಹಕ್ಕೆ ಬೆಂಬಲ ಸೂಚಿಸಿವೆ. ಜನಪ್ರತಿನಿಧಿಗಳು ಭೇಟಿ ನೀಡಿ ಸಮಸ್ಯೆ ಆಲಿಸಿದರು.

ಈ ಕುರಿತು ಜಿಲ್ಲಾಧಿಕಾರಿಗಳ ಗಮನಕ್ಕೆ ತರಲಾಗಿದ್ದು, ಸರ್ವೇ ಕಾರ್ಯ ನಡೆಸಿ ವರದಿ ಸಲ್ಲಿಸುವಂತೆ ತಹಶೀಲ್ದಾರ್‌ಗೆ ಸೂಚಿಸಲಾಗಿದೆ. ಶೀಘ್ರ ಪರಿಹಾರ ದೊರೆಯುವ ವಿಶ್ವಾಸವಿದೆ ಎಂದು ಗ್ರಾಮದ ಮುಖಂಡರು ತಿಳಿಸಿದರು.
